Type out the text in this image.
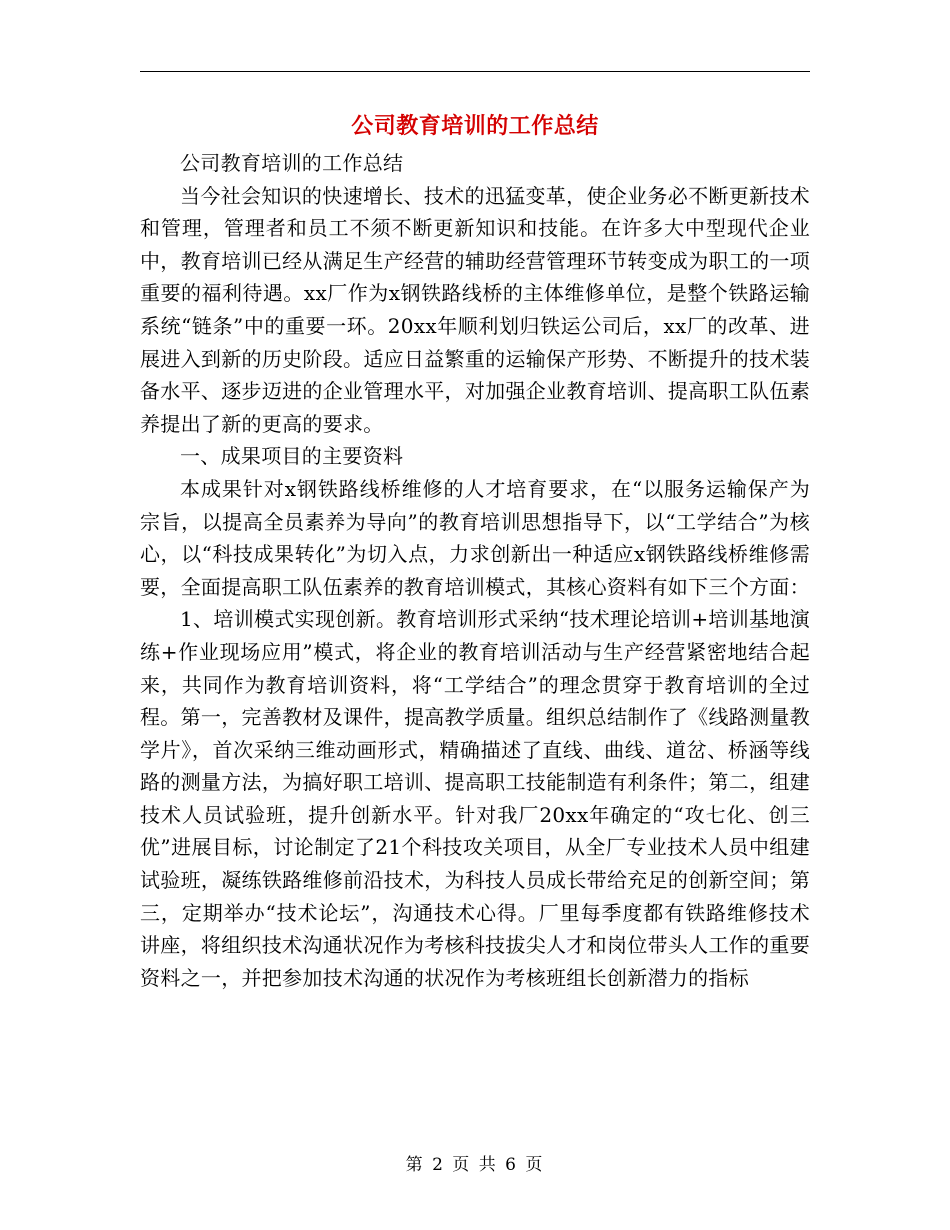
公司教育培训的工作总结

公司教育培训的工作总结

当今社会知识的快速增长、技术的迅猛变革，使企业务必不断更新技术和管理，管理者和员工不须不断更新知识和技能。在许多大中型现代企业中，教育培训已经从满足生产经营的辅助经营管理环节转变成为职工的一项重要的福利待遇。xx厂作为x钢铁路线桥的主体维修单位，是整个铁路运输系统“链条”中的重要一环。20xx年顺利划归铁运公司后，xx厂的改革、进展进入到新的历史阶段。适应日益繁重的运输保产形势、不断提升的技术装备水平、逐步迈进的企业管理水平，对加强企业教育培训、提高职工队伍素养提出了新的更高的要求。

一、成果项目的主要资料

本成果针对x钢铁路线桥维修的人才培育要求，在“以服务运输保产为宗旨，以提高全员素养为导向”的教育培训思想指导下，以“工学结合”为核心，以“科技成果转化”为切入点，力求创新出一种适应x钢铁路线桥维修需要，全面提高职工队伍素养的教育培训模式，其核心资料有如下三个方面：

1、培训模式实现创新。教育培训形式采纳“技术理论培训+培训基地演练+作业现场应用”模式，将企业的教育培训活动与生产经营紧密地结合起来，共同作为教育培训资料，将“工学结合”的理念贯穿于教育培训的全过程。第一，完善教材及课件，提高教学质量。组织总结制作了《线路测量教学片》，首次采纳三维动画形式，精确描述了直线、曲线、道岔、桥涵等线路的测量方法，为搞好职工培训、提高职工技能制造有利条件；第二，组建技术人员试验班，提升创新水平。针对我厂20xx年确定的“攻七化、创三优”进展目标，讨论制定了21个科技攻关项目，从全厂专业技术人员中组建试验班，凝练铁路维修前沿技术，为科技人员成长带给充足的创新空间；第三，定期举办“技术论坛”，沟通技术心得。厂里每季度都有铁路维修技术讲座，将组织技术沟通状况作为考核科技拔尖人才和岗位带头人工作的重要资料之一，并把参加技术沟通的状况作为考核班组长创新潜力的指标

第 2 页 共 6 页
